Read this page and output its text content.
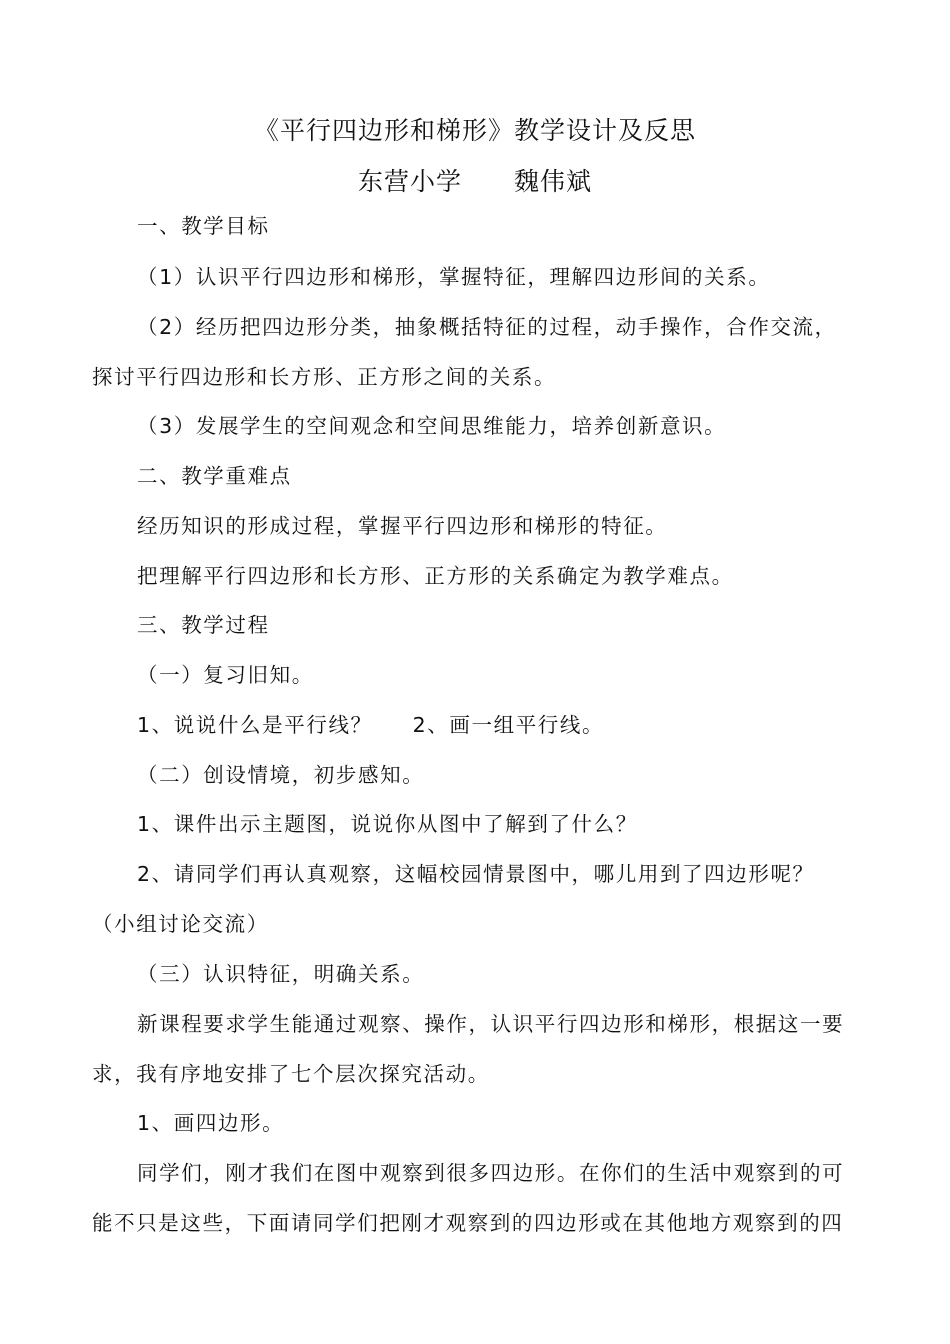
《平行四边形和梯形》教学设计及反思
东营小学 魏伟斌
一、教学目标
（1）认识平行四边形和梯形，掌握特征，理解四边形间的关系。
（2）经历把四边形分类，抽象概括特征的过程，动手操作，合作交流，
探讨平行四边形和长方形、正方形之间的关系。
（3）发展学生的空间观念和空间思维能力，培养创新意识。
二、教学重难点
经历知识的形成过程，掌握平行四边形和梯形的特征。
把理解平行四边形和长方形、正方形的关系确定为教学难点。
三、教学过程
（一）复习旧知。
1、说说什么是平行线？ 2、画一组平行线。
（二）创设情境，初步感知。
1、课件出示主题图，说说你从图中了解到了什么？
2、请同学们再认真观察，这幅校园情景图中，哪儿用到了四边形呢？
（小组讨论交流）
（三）认识特征，明确关系。
新课程要求学生能通过观察、操作，认识平行四边形和梯形，根据这一要
求，我有序地安排了七个层次探究活动。
1、画四边形。
同学们，刚才我们在图中观察到很多四边形。在你们的生活中观察到的可
能不只是这些，下面请同学们把刚才观察到的四边形或在其他地方观察到的四
